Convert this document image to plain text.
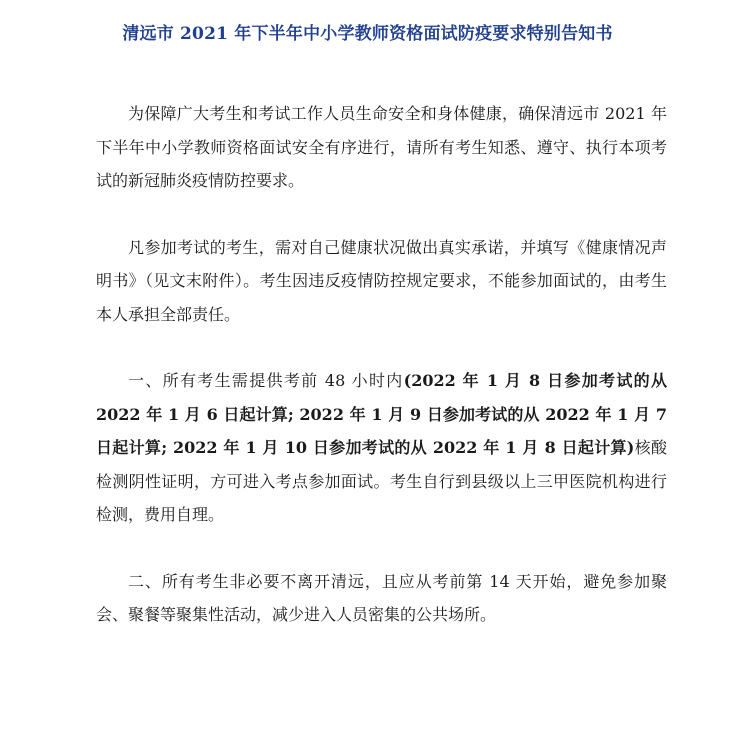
清远市 2021 年下半年中小学教师资格面试防疫要求特别告知书

为保障广大考生和考试工作人员生命安全和身体健康，确保清远市 2021 年下半年中小学教师资格面试安全有序进行，请所有考生知悉、遵守、执行本项考试的新冠肺炎疫情防控要求。

凡参加考试的考生，需对自己健康状况做出真实承诺，并填写《健康情况声明书》（见文末附件）。考生因违反疫情防控规定要求，不能参加面试的，由考生本人承担全部责任。

一、所有考生需提供考前 48 小时内(2022 年 1 月 8 日参加考试的从 2022 年 1 月 6 日起计算; 2022 年 1 月 9 日参加考试的从 2022 年 1 月 7 日起计算; 2022 年 1 月 10 日参加考试的从 2022 年 1 月 8 日起计算)核酸检测阴性证明，方可进入考点参加面试。考生自行到县级以上三甲医院机构进行检测，费用自理。

二、所有考生非必要不离开清远，且应从考前第 14 天开始，避免参加聚会、聚餐等聚集性活动，减少进入人员密集的公共场所。
